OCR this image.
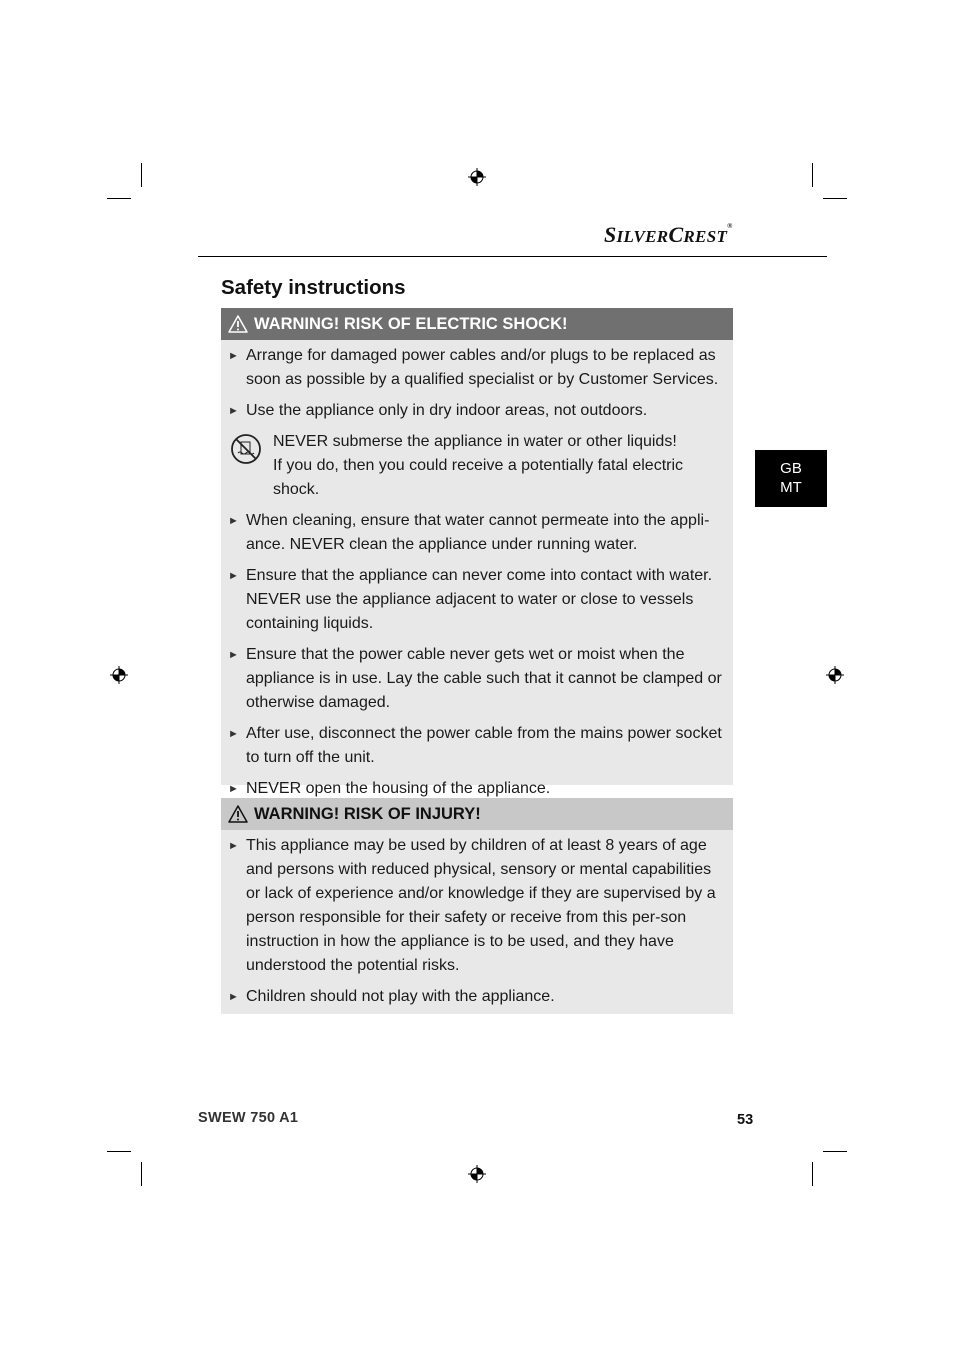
SILVERCREST®
Safety instructions
GB
MT
WARNING! RISK OF ELECTRIC SHOCK!
► Arrange for damaged power cables and/or plugs to be replaced as soon as possible by a qualified specialist or by Customer Services.
► Use the appliance only in dry indoor areas, not outdoors.
NEVER submerse the appliance in water or other liquids!
If you do, then you could receive a potentially fatal electric shock.
► When cleaning, ensure that water cannot permeate into the appli-ance. NEVER clean the appliance under running water.
► Ensure that the appliance can never come into contact with water. NEVER use the appliance adjacent to water or close to vessels containing liquids.
► Ensure that the power cable never gets wet or moist when the appliance is in use. Lay the cable such that it cannot be clamped or otherwise damaged.
► After use, disconnect the power cable from the mains power socket to turn off the unit.
► NEVER open the housing of the appliance.
WARNING! RISK OF INJURY!
► This appliance may be used by children of at least 8 years of age and persons with reduced physical, sensory or mental capabilities or lack of experience and/or knowledge if they are supervised by a person responsible for their safety or receive from this per-son instruction in how the appliance is to be used, and they have understood the potential risks.
► Children should not play with the appliance.
SWEW 750 A1	53
